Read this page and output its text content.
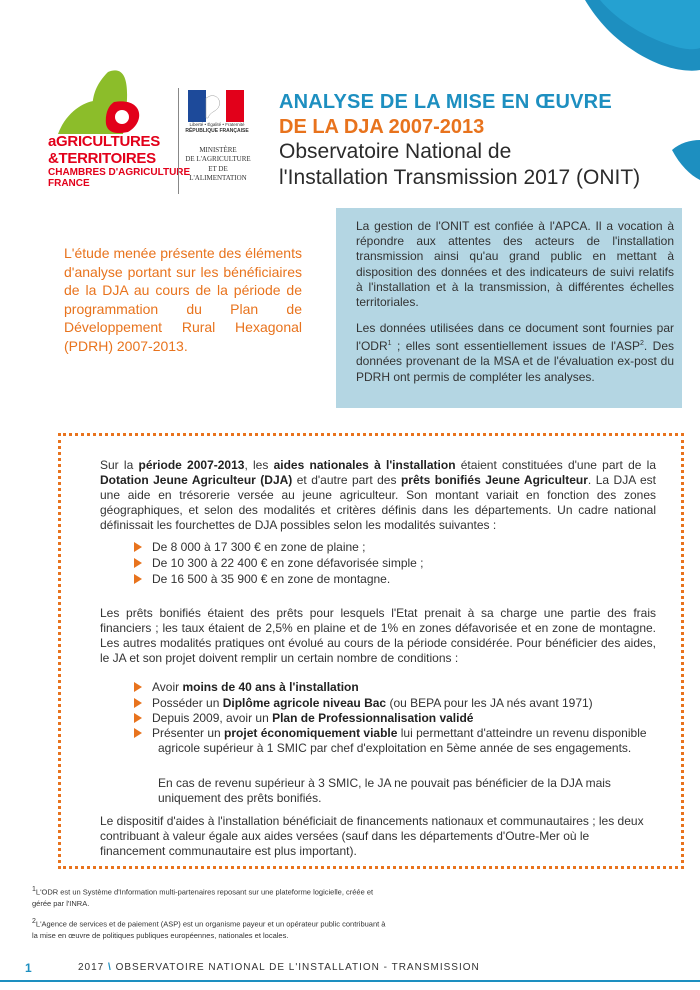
aGRICULTURES
&TERRITOIRES
CHAMBRES D'AGRICULTURE
FRANCE
Liberté • Égalité • Fraternité
RÉPUBLIQUE FRANÇAISE
MINISTÈRE
DE L'AGRICULTURE
ET DE
L'ALIMENTATION
ANALYSE DE LA MISE EN ŒUVRE
DE LA DJA 2007-2013
Observatoire National de
l'Installation Transmission 2017 (ONIT)
L'étude menée présente des éléments d'analyse portant sur les bénéficiaires de la DJA au cours de la période de programmation du Plan de Développement Rural Hexagonal (PDRH) 2007-2013.
La gestion de l'ONIT est confiée à l'APCA. Il a vocation à répondre aux attentes des acteurs de l'installation transmission ainsi qu'au grand public en mettant à disposition des données et des indicateurs de suivi relatifs à l'installation et à la transmission, à différentes échelles territoriales.
Les données utilisées dans ce document sont fournies par l'ODR$^1$ ; elles sont essentiellement issues de l'ASP$^2$. Des données provenant de la MSA et de l'évaluation ex-post du PDRH ont permis de compléter les analyses.
Sur la période 2007-2013, les aides nationales à l'installation étaient constituées d'une part de la Dotation Jeune Agriculteur (DJA) et d'autre part des prêts bonifiés Jeune Agriculteur. La DJA est une aide en trésorerie versée au jeune agriculteur. Son montant variait en fonction des zones géographiques, et selon des modalités et critères définis dans les départements. Un cadre national définissait les fourchettes de DJA possibles selon les modalités suivantes :
De 8 000 à 17 300 € en zone de plaine ;
De 10 300 à 22 400 € en zone défavorisée simple ;
De 16 500 à 35 900 € en zone de montagne.
Les prêts bonifiés étaient des prêts pour lesquels l'Etat prenait à sa charge une partie des frais financiers ; les taux étaient de 2,5% en plaine et de 1% en zones défavorisée et en zone de montagne. Les autres modalités pratiques ont évolué au cours de la période considérée. Pour bénéficier des aides, le JA et son projet doivent remplir un certain nombre de conditions :
Avoir moins de 40 ans à l'installation
Posséder un Diplôme agricole niveau Bac (ou BEPA pour les JA nés avant 1971)
Depuis 2009, avoir un Plan de Professionnalisation validé
Présenter un projet économiquement viable lui permettant d'atteindre un revenu disponible agricole supérieur à 1 SMIC par chef d'exploitation en 5ème année de ses engagements.
En cas de revenu supérieur à 3 SMIC, le JA ne pouvait pas bénéficier de la DJA mais uniquement des prêts bonifiés.
Le dispositif d'aides à l'installation bénéficiait de financements nationaux et communautaires ; les deux contribuant à valeur égale aux aides versées (sauf dans les départements d'Outre-Mer où le financement communautaire est plus important).
$^1$L'ODR est un Système d'Information multi-partenaires reposant sur une plateforme logicielle, créée et gérée par l'INRA.
$^2$L'Agence de services et de paiement (ASP) est un organisme payeur et un opérateur public contribuant à la mise en œuvre de politiques publiques européennes, nationales et locales.
1	2017 \ OBSERVATOIRE NATIONAL DE L'INSTALLATION - TRANSMISSION
